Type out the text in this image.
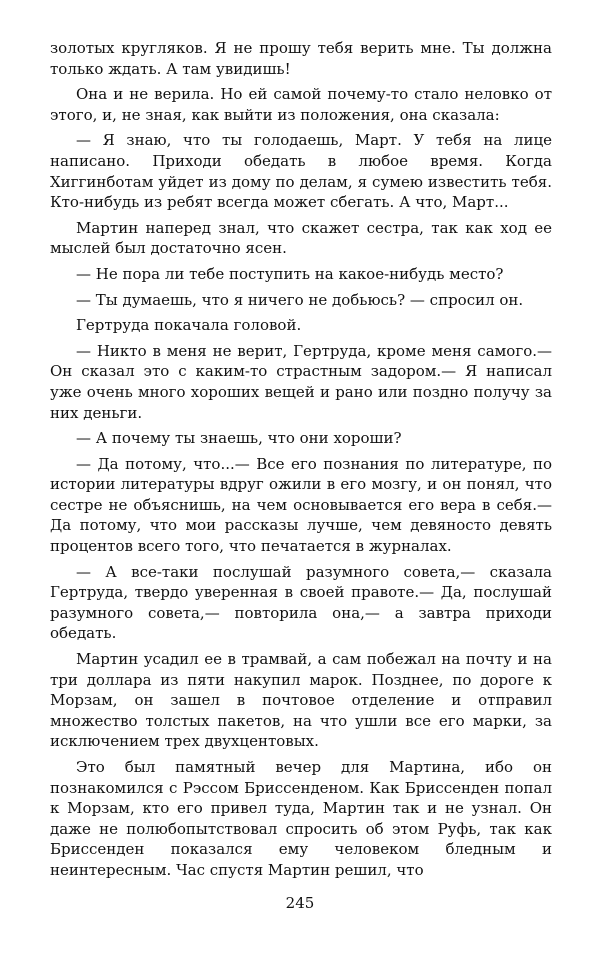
золотых кругляков. Я не прошу тебя верить мне. Ты должна только ждать. А там увидишь!

Она и не верила. Но ей самой почему-то стало неловко от этого, и, не зная, как выйти из положения, она сказала:

— Я знаю, что ты голодаешь, Март. У тебя на лице написано. Приходи обедать в любое время. Когда Хиггинботам уйдет из дому по делам, я сумею известить тебя. Кто-нибудь из ребят всегда может сбегать. А что, Март...

Мартин наперед знал, что скажет сестра, так как ход ее мыслей был достаточно ясен.

— Не пора ли тебе поступить на какое-нибудь место?

— Ты думаешь, что я ничего не добьюсь? — спросил он.

Гертруда покачала головой.

— Никто в меня не верит, Гертруда, кроме меня самого.— Он сказал это с каким-то страстным задором.— Я написал уже очень много хороших вещей и рано или поздно получу за них деньги.

— А почему ты знаешь, что они хороши?

— Да потому, что...— Все его познания по литературе, по истории литературы вдруг ожили в его мозгу, и он понял, что сестре не объяснишь, на чем основывается его вера в себя.— Да потому, что мои рассказы лучше, чем девяносто девять процентов всего того, что печатается в журналах.

— А все-таки послушай разумного совета,— сказала Гертруда, твердо уверенная в своей правоте.— Да, послушай разумного совета,— повторила она,— а завтра приходи обедать.

Мартин усадил ее в трамвай, а сам побежал на почту и на три доллара из пяти накупил марок. Позднее, по дороге к Морзам, он зашел в почтовое отделение и отправил множество толстых пакетов, на что ушли все его марки, за исключением трех двухцентовых.

Это был памятный вечер для Мартина, ибо он познакомился с Рэссом Бриссенденом. Как Бриссенден попал к Морзам, кто его привел туда, Мартин так и не узнал. Он даже не полюбопытствовал спросить об этом Руфь, так как Бриссенден показался ему человеком бледным и неинтересным. Час спустя Мартин решил, что

245
